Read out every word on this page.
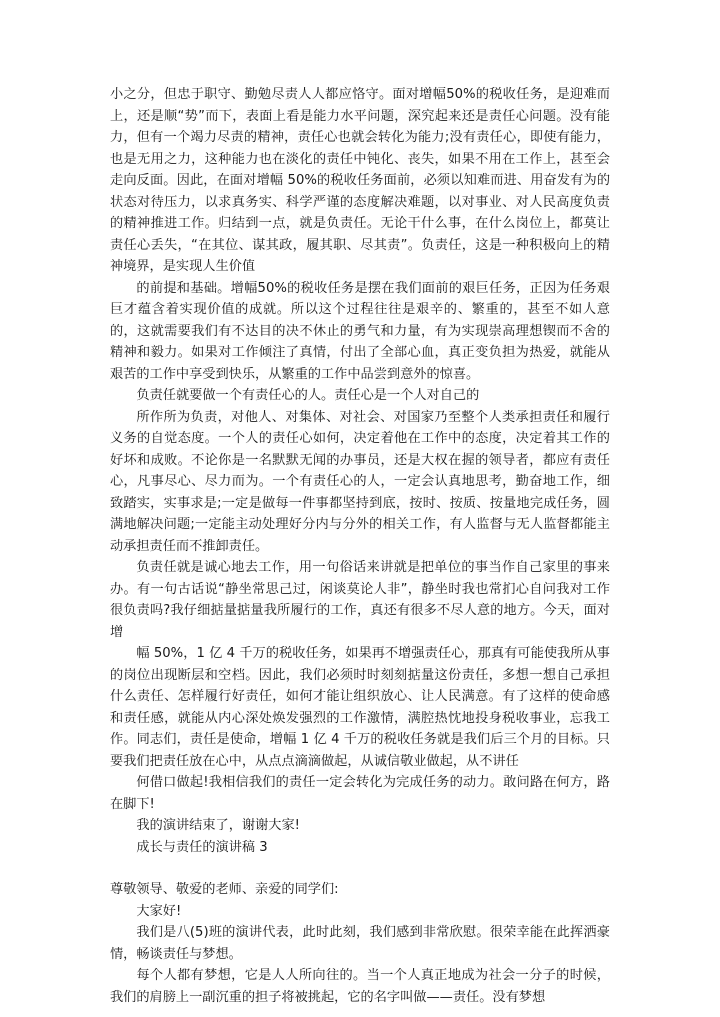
小之分，但忠于职守、勤勉尽责人人都应恪守。面对增幅50%的税收任务，是迎难而上，还是顺“势”而下，表面上看是能力水平问题，深究起来还是责任心问题。没有能力，但有一个竭力尽责的精神，责任心也就会转化为能力;没有责任心，即使有能力，也是无用之力，这种能力也在淡化的责任中钝化、丧失，如果不用在工作上，甚至会走向反面。因此，在面对增幅 50%的税收任务面前，必须以知难而进、用奋发有为的状态对待压力，以求真务实、科学严谨的态度解决难题，以对事业、对人民高度负责的精神推进工作。归结到一点，就是负责任。无论干什么事，在什么岗位上，都莫让责任心丢失，“在其位、谋其政，履其职、尽其责”。负责任，这是一种积极向上的精神境界，是实现人生价值

的前提和基础。增幅50%的税收任务是摆在我们面前的艰巨任务，正因为任务艰巨才蕴含着实现价值的成就。所以这个过程往往是艰辛的、繁重的，甚至不如人意的，这就需要我们有不达目的决不休止的勇气和力量，有为实现崇高理想锲而不舍的精神和毅力。如果对工作倾注了真情，付出了全部心血，真正变负担为热爱，就能从艰苦的工作中享受到快乐，从繁重的工作中品尝到意外的惊喜。

负责任就要做一个有责任心的人。责任心是一个人对自己的

所作所为负责，对他人、对集体、对社会、对国家乃至整个人类承担责任和履行义务的自觉态度。一个人的责任心如何，决定着他在工作中的态度，决定着其工作的好坏和成败。不论你是一名默默无闻的办事员，还是大权在握的领导者，都应有责任心，凡事尽心、尽力而为。一个有责任心的人，一定会认真地思考，勤奋地工作，细致踏实，实事求是;一定是做每一件事都坚持到底，按时、按质、按量地完成任务，圆满地解决问题;一定能主动处理好分内与分外的相关工作，有人监督与无人监督都能主动承担责任而不推卸责任。

负责任就是诚心地去工作，用一句俗话来讲就是把单位的事当作自己家里的事来办。有一句古话说“静坐常思己过，闲谈莫论人非”，静坐时我也常扪心自问我对工作很负责吗?我仔细掂量掂量我所履行的工作，真还有很多不尽人意的地方。今天，面对增

幅 50%，1 亿 4 千万的税收任务，如果再不增强责任心，那真有可能使我所从事的岗位出现断层和空档。因此，我们必须时时刻刻掂量这份责任，多想一想自己承担什么责任、怎样履行好责任，如何才能让组织放心、让人民满意。有了这样的使命感和责任感，就能从内心深处焕发强烈的工作激情，满腔热忱地投身税收事业，忘我工作。同志们，责任是使命，增幅 1 亿 4 千万的税收任务就是我们后三个月的目标。只要我们把责任放在心中，从点点滴滴做起，从诚信敬业做起，从不讲任

何借口做起!我相信我们的责任一定会转化为完成任务的动力。敢问路在何方，路在脚下!

我的演讲结束了，谢谢大家!

成长与责任的演讲稿 3

尊敬领导、敬爱的老师、亲爱的同学们:

大家好!

我们是八(5)班的演讲代表，此时此刻，我们感到非常欣慰。很荣幸能在此挥洒豪情，畅谈责任与梦想。

每个人都有梦想，它是人人所向往的。当一个人真正地成为社会一分子的时候，我们的肩膀上一副沉重的担子将被挑起，它的名字叫做——责任。没有梦想
